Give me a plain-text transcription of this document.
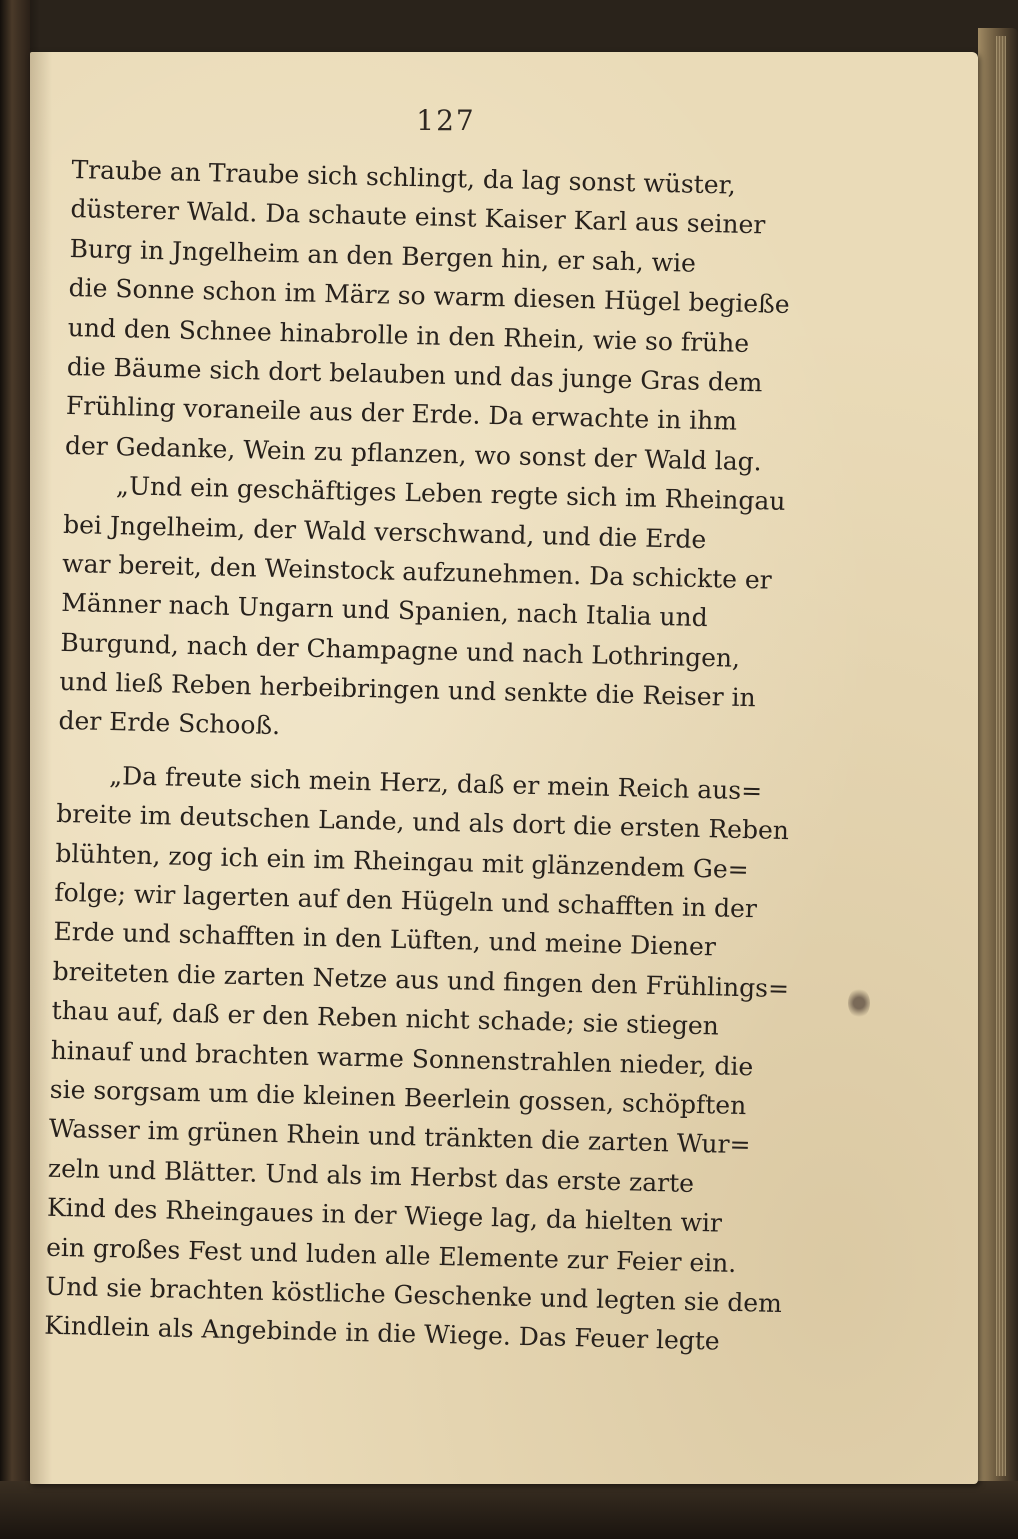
127
Traube an Traube sich schlingt, da lag sonst wüster,
düsterer Wald. Da schaute einst Kaiser Karl aus seiner
Burg in Jngelheim an den Bergen hin, er sah, wie
die Sonne schon im März so warm diesen Hügel begieße
und den Schnee hinabrolle in den Rhein, wie so frühe
die Bäume sich dort belauben und das junge Gras dem
Frühling voraneile aus der Erde. Da erwachte in ihm
der Gedanke, Wein zu pflanzen, wo sonst der Wald lag.
„Und ein geschäftiges Leben regte sich im Rheingau
bei Jngelheim, der Wald verschwand, und die Erde
war bereit, den Weinstock aufzunehmen. Da schickte er
Männer nach Ungarn und Spanien, nach Italia und
Burgund, nach der Champagne und nach Lothringen,
und ließ Reben herbeibringen und senkte die Reiser in
der Erde Schooß.
„Da freute sich mein Herz, daß er mein Reich aus=
breite im deutschen Lande, und als dort die ersten Reben
blühten, zog ich ein im Rheingau mit glänzendem Ge=
folge; wir lagerten auf den Hügeln und schafften in der
Erde und schafften in den Lüften, und meine Diener
breiteten die zarten Netze aus und fingen den Frühlings=
thau auf, daß er den Reben nicht schade; sie stiegen
hinauf und brachten warme Sonnenstrahlen nieder, die
sie sorgsam um die kleinen Beerlein gossen, schöpften
Wasser im grünen Rhein und tränkten die zarten Wur=
zeln und Blätter. Und als im Herbst das erste zarte
Kind des Rheingaues in der Wiege lag, da hielten wir
ein großes Fest und luden alle Elemente zur Feier ein.
Und sie brachten köstliche Geschenke und legten sie dem
Kindlein als Angebinde in die Wiege. Das Feuer legte
